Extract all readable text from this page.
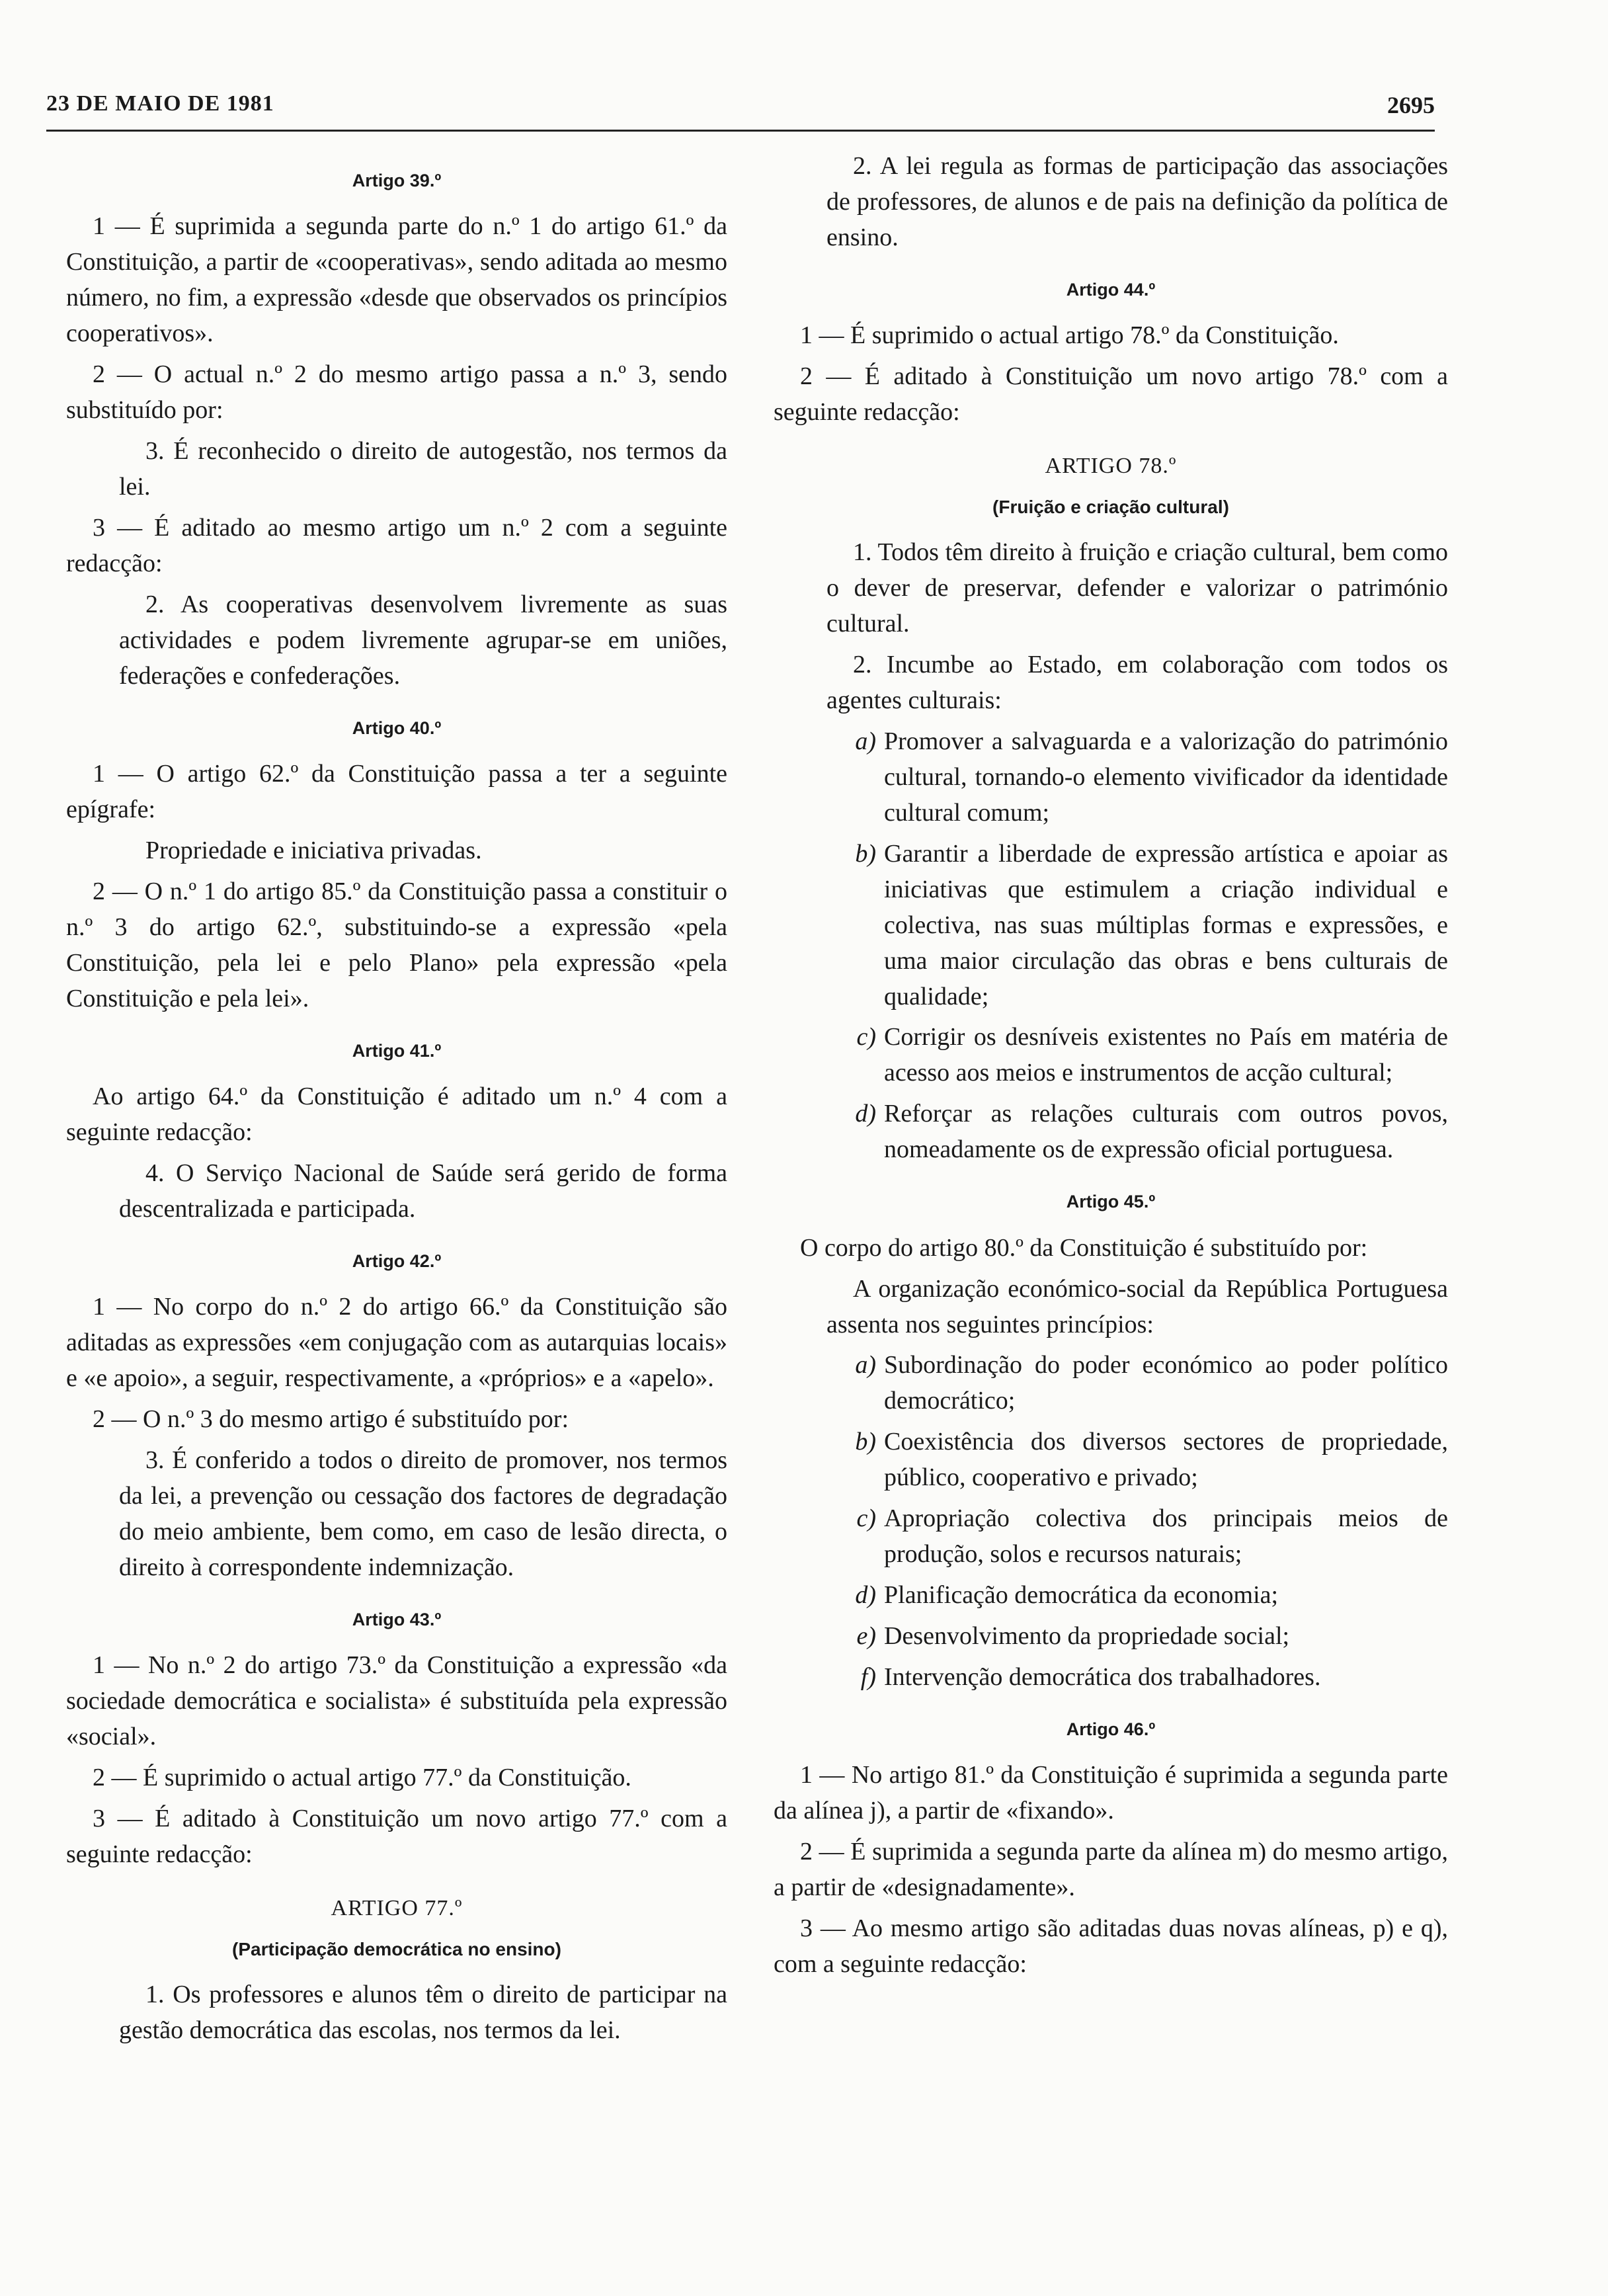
23 DE MAIO DE 1981	2695
Artigo 39.º

1 — É suprimida a segunda parte do n.º 1 do artigo 61.º da Constituição, a partir de «cooperativas», sendo aditada ao mesmo número, no fim, a expressão «desde que observados os princípios cooperativos».

2 — O actual n.º 2 do mesmo artigo passa a n.º 3, sendo substituído por:

3. É reconhecido o direito de autogestão, nos termos da lei.

3 — É aditado ao mesmo artigo um n.º 2 com a seguinte redacção:

2. As cooperativas desenvolvem livremente as suas actividades e podem livremente agrupar-se em uniões, federações e confederações.

Artigo 40.º

1 — O artigo 62.º da Constituição passa a ter a seguinte epígrafe:

Propriedade e iniciativa privadas.

2 — O n.º 1 do artigo 85.º da Constituição passa a constituir o n.º 3 do artigo 62.º, substituindo-se a expressão «pela Constituição, pela lei e pelo Plano» pela expressão «pela Constituição e pela lei».

Artigo 41.º

Ao artigo 64.º da Constituição é aditado um n.º 4 com a seguinte redacção:

4. O Serviço Nacional de Saúde será gerido de forma descentralizada e participada.

Artigo 42.º

1 — No corpo do n.º 2 do artigo 66.º da Constituição são aditadas as expressões «em conjugação com as autarquias locais» e «e apoio», a seguir, respectivamente, a «próprios» e a «apelo».

2 — O n.º 3 do mesmo artigo é substituído por:

3. É conferido a todos o direito de promover, nos termos da lei, a prevenção ou cessação dos factores de degradação do meio ambiente, bem como, em caso de lesão directa, o direito à correspondente indemnização.

Artigo 43.º

1 — No n.º 2 do artigo 73.º da Constituição a expressão «da sociedade democrática e socialista» é substituída pela expressão «social».

2 — É suprimido o actual artigo 77.º da Constituição.

3 — É aditado à Constituição um novo artigo 77.º com a seguinte redacção:

ARTIGO 77.º
(Participação democrática no ensino)

1. Os professores e alunos têm o direito de participar na gestão democrática das escolas, nos termos da lei.

2. A lei regula as formas de participação das associações de professores, de alunos e de pais na definição da política de ensino.

Artigo 44.º

1 — É suprimido o actual artigo 78.º da Constituição.

2 — É aditado à Constituição um novo artigo 78.º com a seguinte redacção:

ARTIGO 78.º
(Fruição e criação cultural)

1. Todos têm direito à fruição e criação cultural, bem como o dever de preservar, defender e valorizar o património cultural.

2. Incumbe ao Estado, em colaboração com todos os agentes culturais:

a) Promover a salvaguarda e a valorização do património cultural, tornando-o elemento vivificador da identidade cultural comum;
b) Garantir a liberdade de expressão artística e apoiar as iniciativas que estimulem a criação individual e colectiva, nas suas múltiplas formas e expressões, e uma maior circulação das obras e bens culturais de qualidade;
c) Corrigir os desníveis existentes no País em matéria de acesso aos meios e instrumentos de acção cultural;
d) Reforçar as relações culturais com outros povos, nomeadamente os de expressão oficial portuguesa.
Artigo 45.º

O corpo do artigo 80.º da Constituição é substituído por:

A organização económico-social da República Portuguesa assenta nos seguintes princípios:

a) Subordinação do poder económico ao poder político democrático;
b) Coexistência dos diversos sectores de propriedade, público, cooperativo e privado;
c) Apropriação colectiva dos principais meios de produção, solos e recursos naturais;
d) Planificação democrática da economia;
e) Desenvolvimento da propriedade social;
f) Intervenção democrática dos trabalhadores.
Artigo 46.º

1 — No artigo 81.º da Constituição é suprimida a segunda parte da alínea j), a partir de «fixando».

2 — É suprimida a segunda parte da alínea m) do mesmo artigo, a partir de «designadamente».

3 — Ao mesmo artigo são aditadas duas novas alíneas, p) e q), com a seguinte redacção:
